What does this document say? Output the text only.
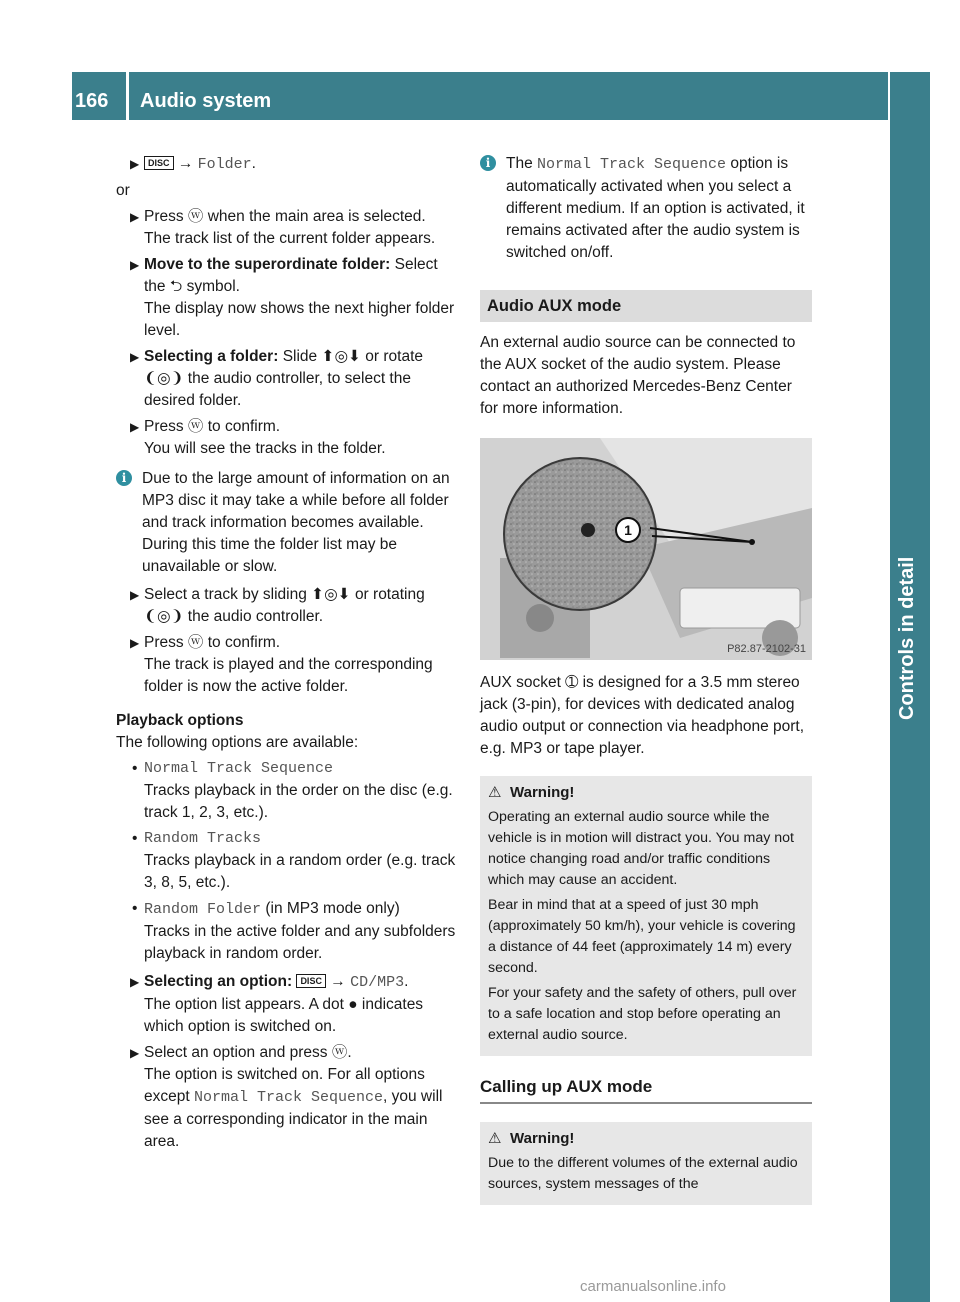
166 Audio system
Controls in detail
▶ DISC → Folder.

or

▶ Press ⓦ when the main area is selected.

The track list of the current folder appears.

▶ Move to the superordinate folder: Select the ⮌ symbol.

The display now shows the next higher folder level.

▶ Selecting a folder: Slide ⬆◎⬇ or rotate ❨◎❩ the audio controller, to select the desired folder.

▶ Press ⓦ to confirm.

You will see the tracks in the folder.

i	Due to the large amount of information on an MP3 disc it may take a while before all folder and track information becomes available. During this time the folder list may be unavailable or slow.

▶ Select a track by sliding ⬆◎⬇ or rotating ❨◎❩ the audio controller.

▶ Press ⓦ to confirm.

The track is played and the corresponding folder is now the active folder.

Playback options

The following options are available:

• Normal Track Sequence

Tracks playback in the order on the disc (e.g. track 1, 2, 3, etc.).

• Random Tracks

Tracks playback in a random order (e.g. track 3, 8, 5, etc.).

• Random Folder (in MP3 mode only)

Tracks in the active folder and any subfolders playback in random order.

▶ Selecting an option: DISC → CD/MP3.

The option list appears. A dot ● indicates which option is switched on.

▶ Select an option and press ⓦ.

The option is switched on. For all options except Normal Track Sequence, you will see a corresponding indicator in the main area.

i	The Normal Track Sequence option is automatically activated when you select a different medium. If an option is activated, it remains activated after the audio system is switched on/off.

Audio AUX mode

An external audio source can be connected to the AUX socket of the audio system. Please contact an authorized Mercedes-Benz Center for more information.

1
P82.87-2102-31

AUX socket ➀ is designed for a 3.5 mm stereo jack (3-pin), for devices with dedicated analog audio output or connection via headphone port, e.g. MP3 or tape player.

⚠ Warning!

Operating an external audio source while the vehicle is in motion will distract you. You may not notice changing road and/or traffic conditions which may cause an accident.

Bear in mind that at a speed of just 30 mph (approximately 50 km/h), your vehicle is covering a distance of 44 feet (approximately 14 m) every second.

For your safety and the safety of others, pull over to a safe location and stop before operating an external audio source.

Calling up AUX mode

⚠ Warning!

Due to the different volumes of the external audio sources, system messages of the

carmanualsonline.info
